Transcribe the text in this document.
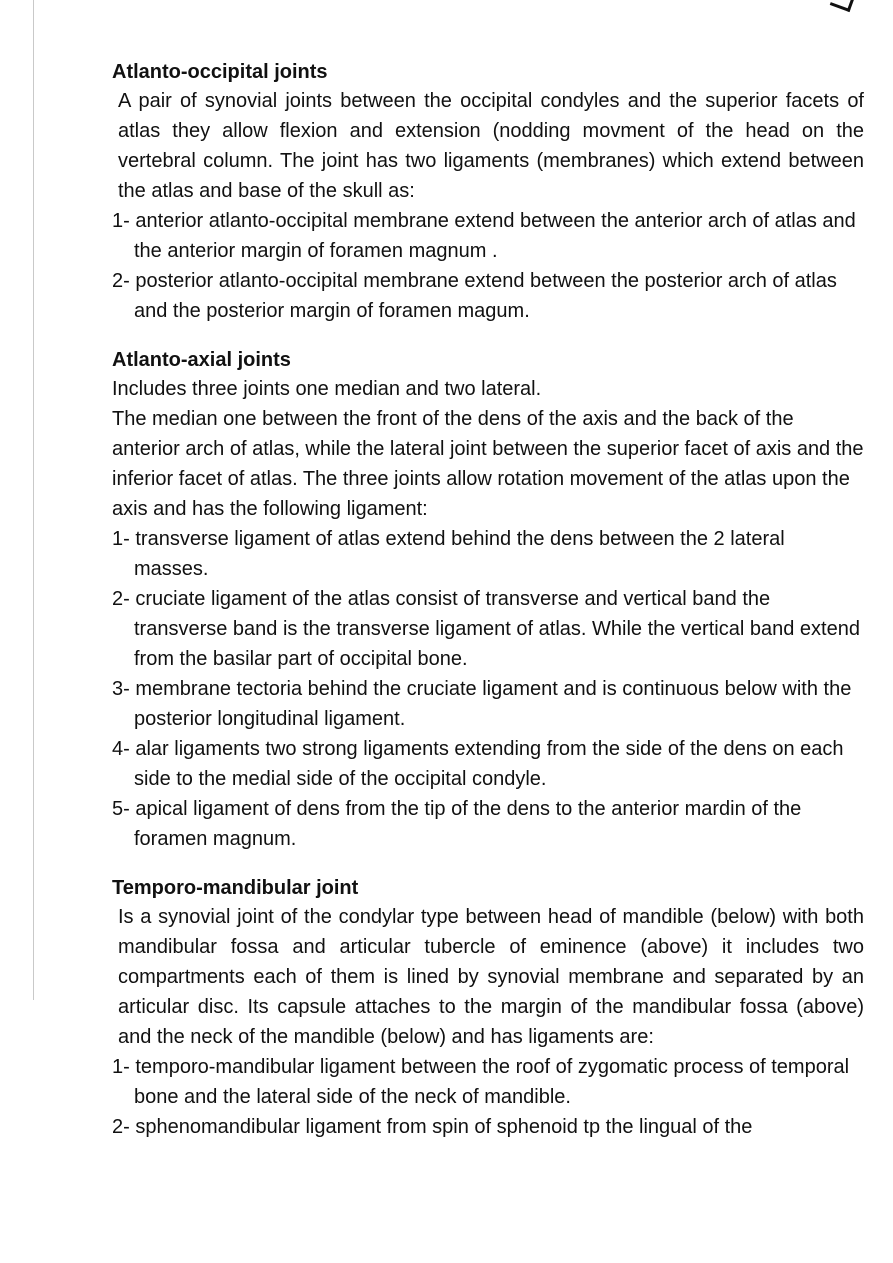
Atlanto-occipital joints

A pair of synovial joints between the occipital condyles and the superior facets of atlas they allow flexion and extension (nodding movment of the head on the vertebral column. The joint has two ligaments (membranes) which extend between the atlas and base of the skull as:

1- anterior atlanto-occipital membrane extend between the anterior arch of atlas and the anterior margin of foramen magnum .
2- posterior atlanto-occipital membrane extend between the posterior arch of atlas and the posterior margin of foramen magum.

Atlanto-axial joints

Includes three joints one median and two lateral.

The median one between the front of the dens of the axis and the back of the anterior arch of atlas, while the lateral joint between the superior facet of axis and the inferior facet of atlas. The three joints allow rotation movement of the atlas upon the axis and has the following ligament:

1- transverse ligament of atlas extend behind the dens between the 2 lateral masses.
2- cruciate ligament of the atlas consist of transverse and vertical band the transverse band is the transverse ligament of atlas. While the vertical band extend from the basilar part of occipital bone.
3- membrane tectoria behind the cruciate ligament and is continuous below with the posterior longitudinal ligament.
4- alar ligaments two strong ligaments extending from the side of the dens on each side to the medial side of the occipital condyle.
5- apical ligament of dens from the tip of the dens to the anterior mardin of the foramen magnum.

Temporo-mandibular joint

Is a synovial joint of the condylar type between head of mandible (below) with both mandibular fossa and articular tubercle of eminence (above) it includes two compartments each of them is lined by synovial membrane and separated by an articular disc. Its capsule attaches to the margin of the mandibular fossa (above) and the neck of the mandible (below) and has ligaments are:

1- temporo-mandibular ligament between the roof of zygomatic process of temporal bone and the lateral side of the neck of mandible.
2- sphenomandibular ligament from spin of sphenoid tp the lingual of the
